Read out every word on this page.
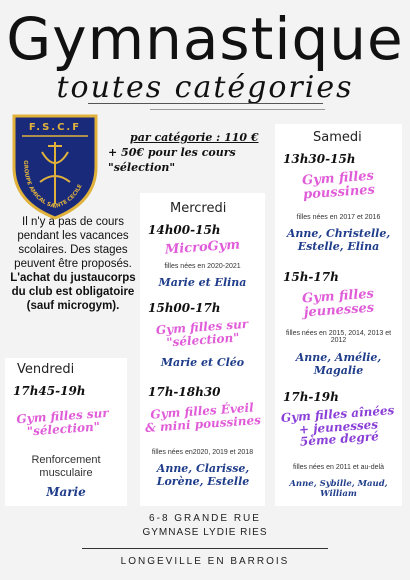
Gymnastique
toutes catégories
F.S.C.F
GROUPE AMICAL SAINTE CECILE
par catégorie : 110 €
+ 50€ pour les cours "sélection"
Il n'y a pas de cours pendant les vacances scolaires. Des stages peuvent être proposés.
L'achat du justaucorps du club est obligatoire (sauf microgym).
Vendredi
17h45-19h
Gym filles sur "sélection"
Renforcement musculaire
Marie
Mercredi
14h00-15h
MicroGym
filles nées en 2020-2021
Marie et Elina
15h00-17h
Gym filles sur "sélection"
Marie et Cléo
17h-18h30
Gym filles Éveil & mini poussines
filles nées en2020, 2019 et 2018
Anne, Clarisse, Lorène, Estelle
Samedi
13h30-15h
Gym filles poussines
filles nées en 2017 et 2016
Anne, Christelle, Estelle, Elina
15h-17h
Gym filles jeunesses
filles nées en 2015, 2014, 2013 et 2012
Anne, Amélie, Magalie
17h-19h
Gym filles aînées + jeunesses 5ème degré
filles nées en 2011 et au-delà
Anne, Sybille, Maud, William
6-8 GRANDE RUE
GYMNASE LYDIE RIES
LONGEVILLE EN BARROIS
